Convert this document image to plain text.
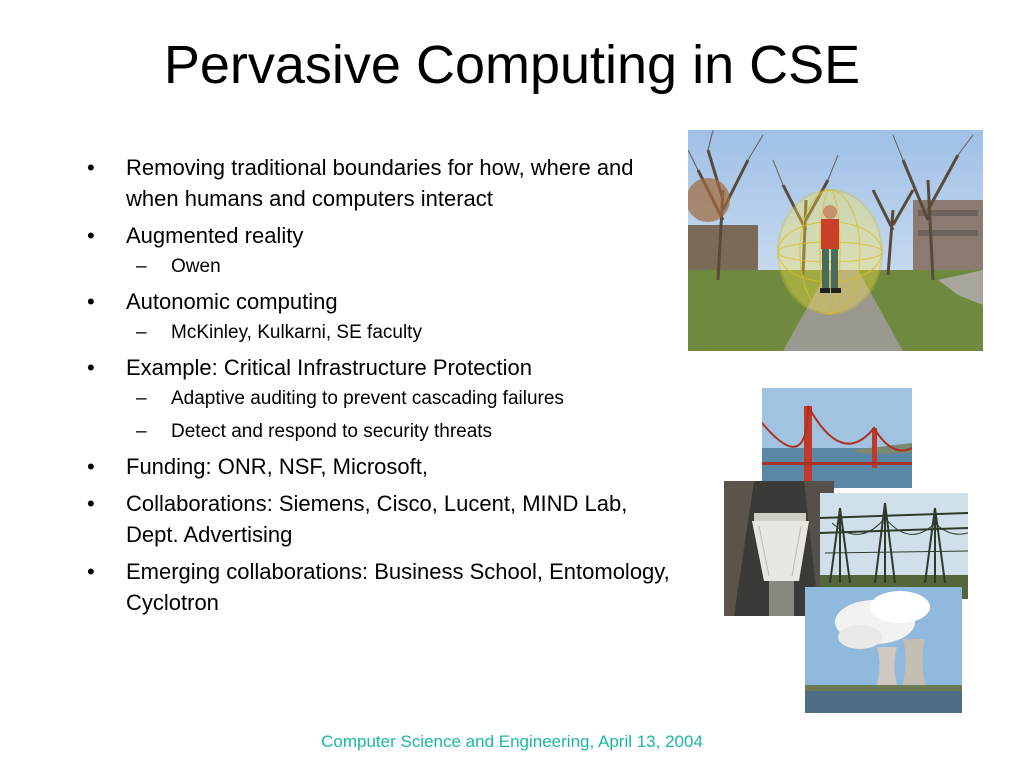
Pervasive Computing in CSE
• Removing traditional boundaries for how, where and when humans and computers interact
• Augmented reality
– Owen
• Autonomic computing
– McKinley, Kulkarni, SE faculty
• Example: Critical Infrastructure Protection
– Adaptive auditing to prevent cascading failures
– Detect and respond to security threats
• Funding: ONR, NSF, Microsoft,
• Collaborations: Siemens, Cisco, Lucent, MIND Lab, Dept. Advertising
• Emerging collaborations: Business School, Entomology, Cyclotron
Computer Science and Engineering, April 13, 2004
